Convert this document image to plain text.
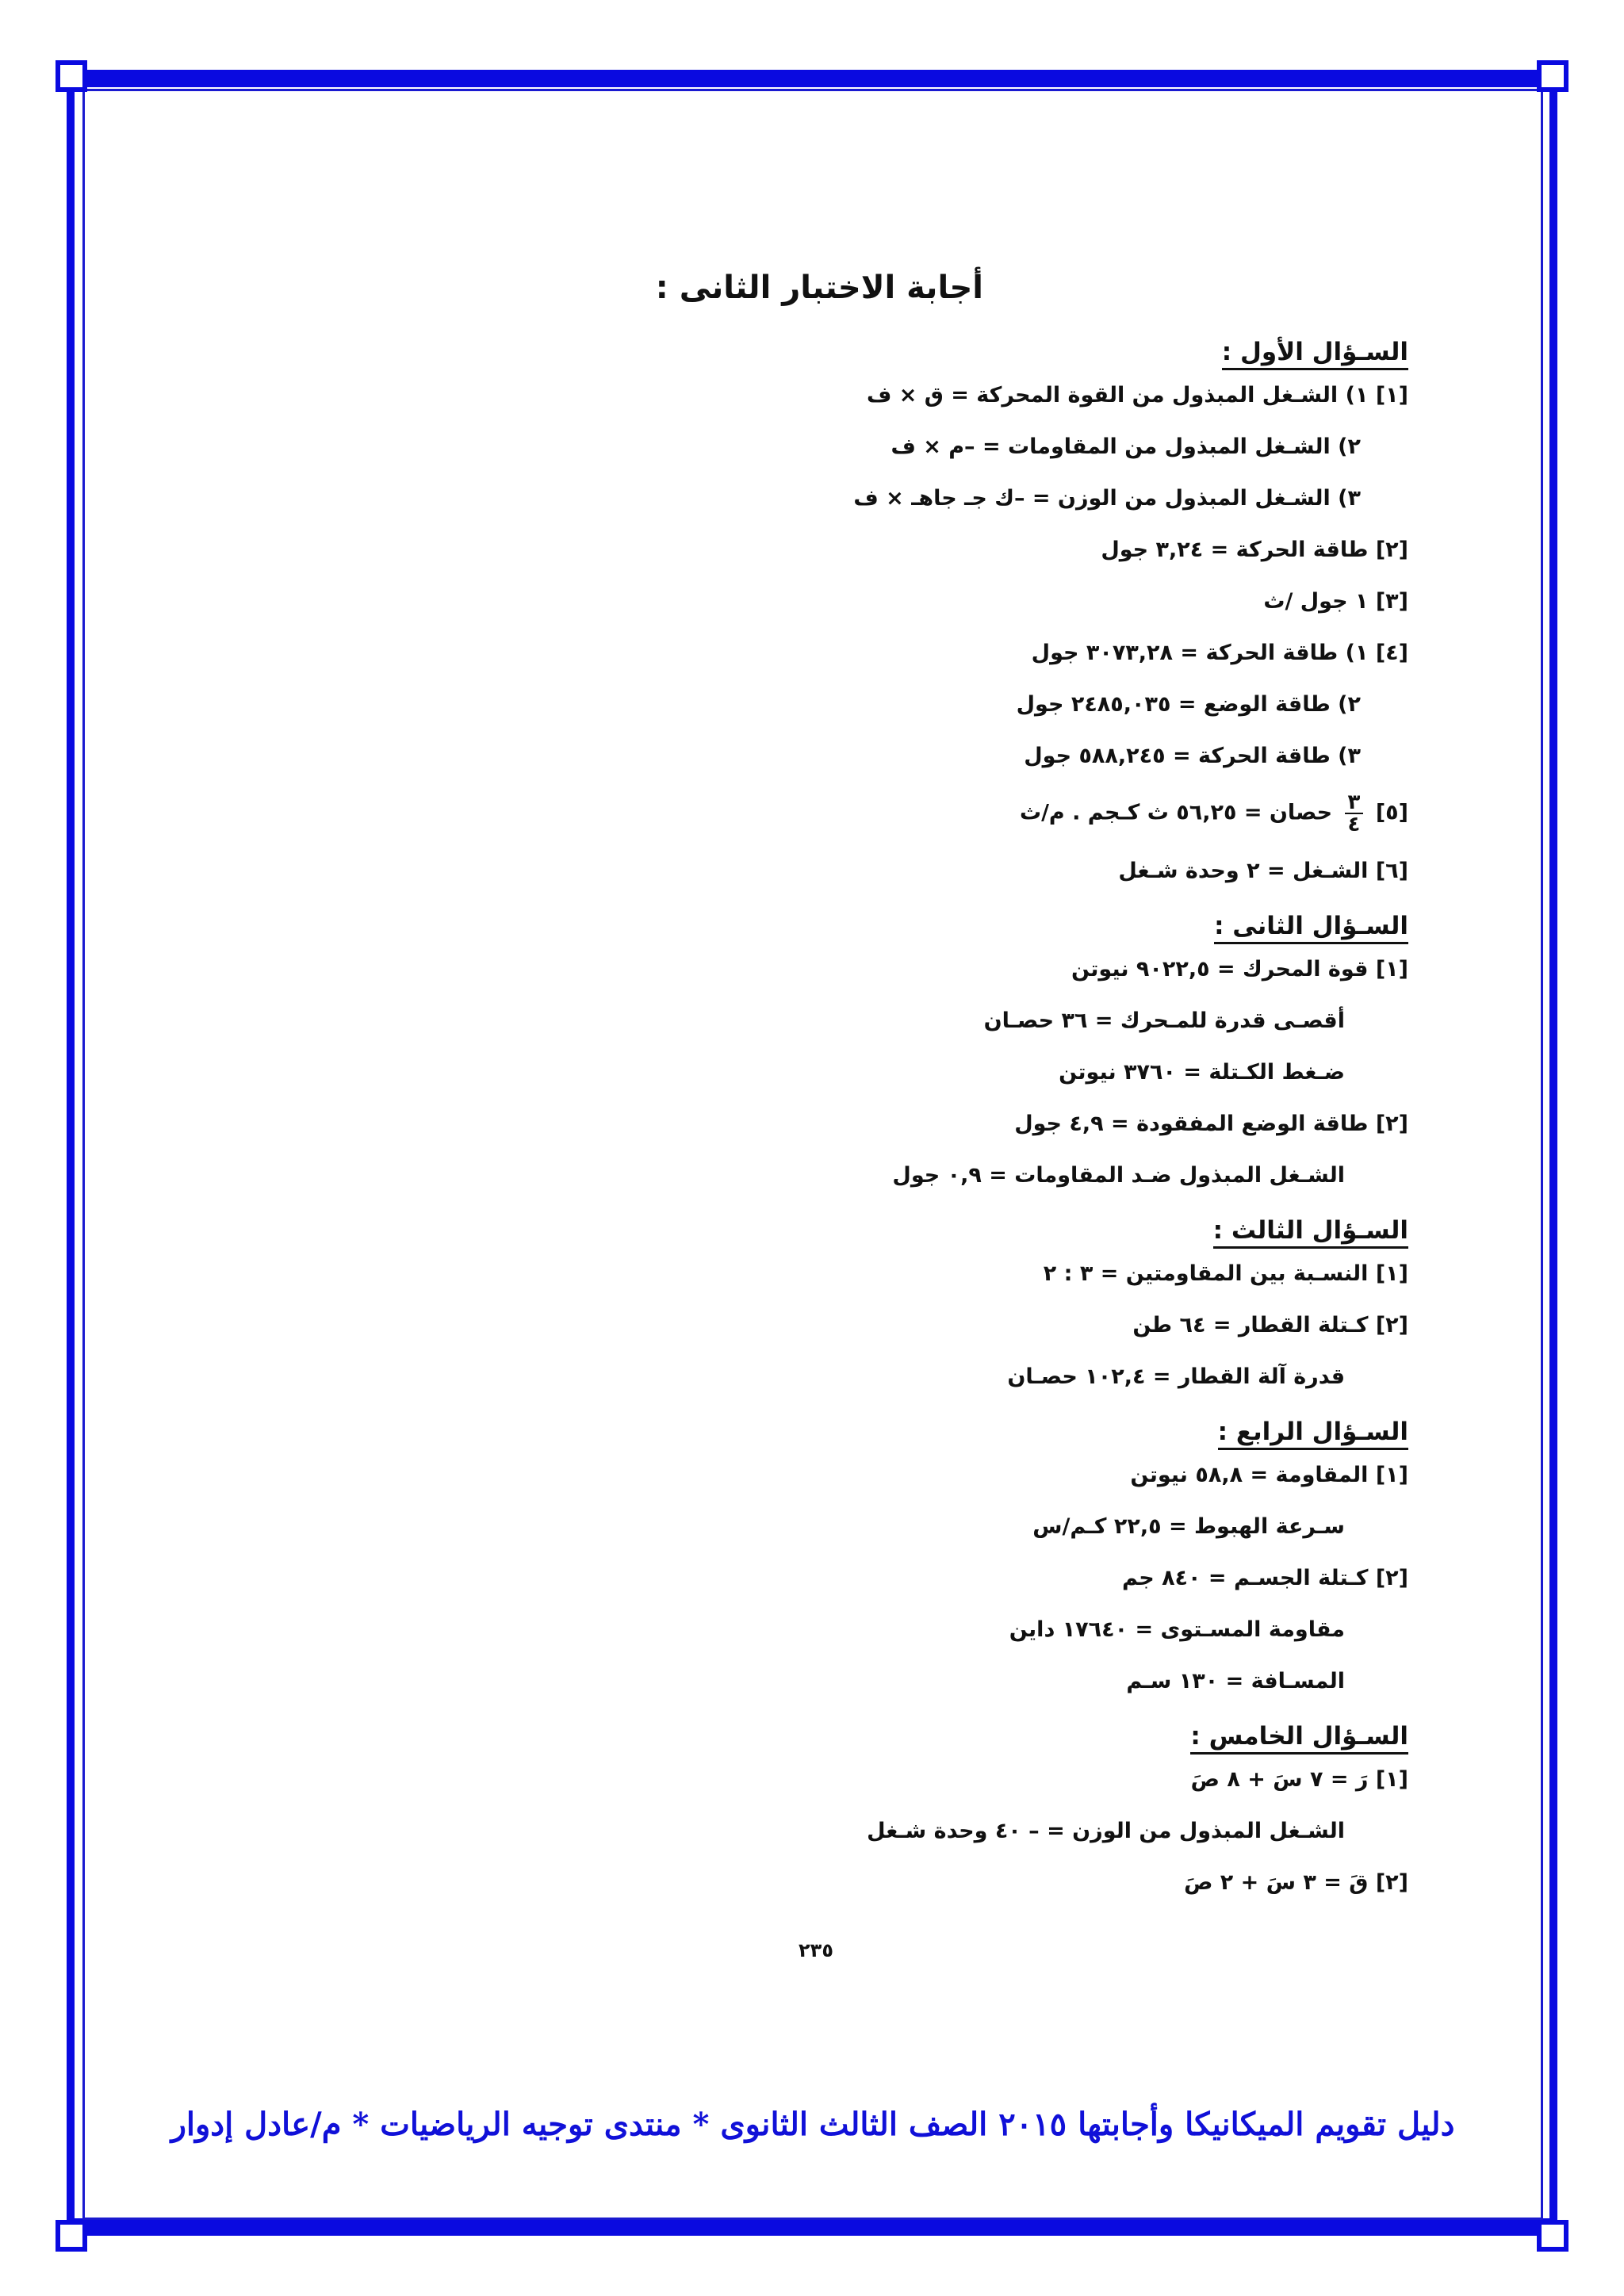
أجابة الاختبار الثانى :
السـؤال الأول :
[١] ١) الشـغل المبذول من القوة المحركة = ق × ف
٢) الشـغل المبذول من المقاومات = –م × ف
٣) الشـغل المبذول من الوزن = –ك جـ جاهـ × ف
[٢] طاقة الحركة = ٣,٢٤ جول
[٣] ١ جول /ث
[٤] ١) طاقة الحركة = ٣٠٧٣,٢٨ جول
٢) طاقة الوضع = ٢٤٨٥,٠٣٥ جول
٣) طاقة الحركة = ٥٨٨,٢٤٥ جول
[٥]
$\frac{٣}{٤}$
حصان = ٥٦,٢٥ ث كـجم . م/ث
[٦] الشـغل = ٢ وحدة شـغل
السـؤال الثانى :
[١] قوة المحرك = ٩٠٢٢,٥ نيوتن
أقصـى قدرة للمـحرك = ٣٦ حصـان
ضـغط الكـتلة = ٣٧٦٠ نيوتن
[٢] طاقة الوضع المفقودة = ٤,٩ جول
الشـغل المبذول ضـد المقاومات = ٠,٩ جول
السـؤال الثالث :
[١] النسـبة بين المقاومتين = ٣ : ٢
[٢] كـتلة القطار = ٦٤ طن
قدرة آلة القطار = ١٠٢,٤ حصـان
السـؤال الرابع :
[١] المقاومة = ٥٨,٨ نيوتن
سـرعة الهبوط = ٢٢,٥ كـم/س
[٢] كـتلة الجسـم = ٨٤٠ جم
مقاومة المسـتوى = ١٧٦٤٠ داين
المسـافة = ١٣٠ سـم
السـؤال الخامس :
[١] رَ = ٧ سَ + ٨ صَ
الشـغل المبذول من الوزن = – ٤٠ وحدة شـغل
[٢] قَ = ٣ سَ + ٢ صَ
٢٣٥
دليل تقويم الميكانيكا وأجابتها ٢٠١٥ الصف الثالث الثانوى * منتدى توجيه الرياضيات * م/عادل إدوار
